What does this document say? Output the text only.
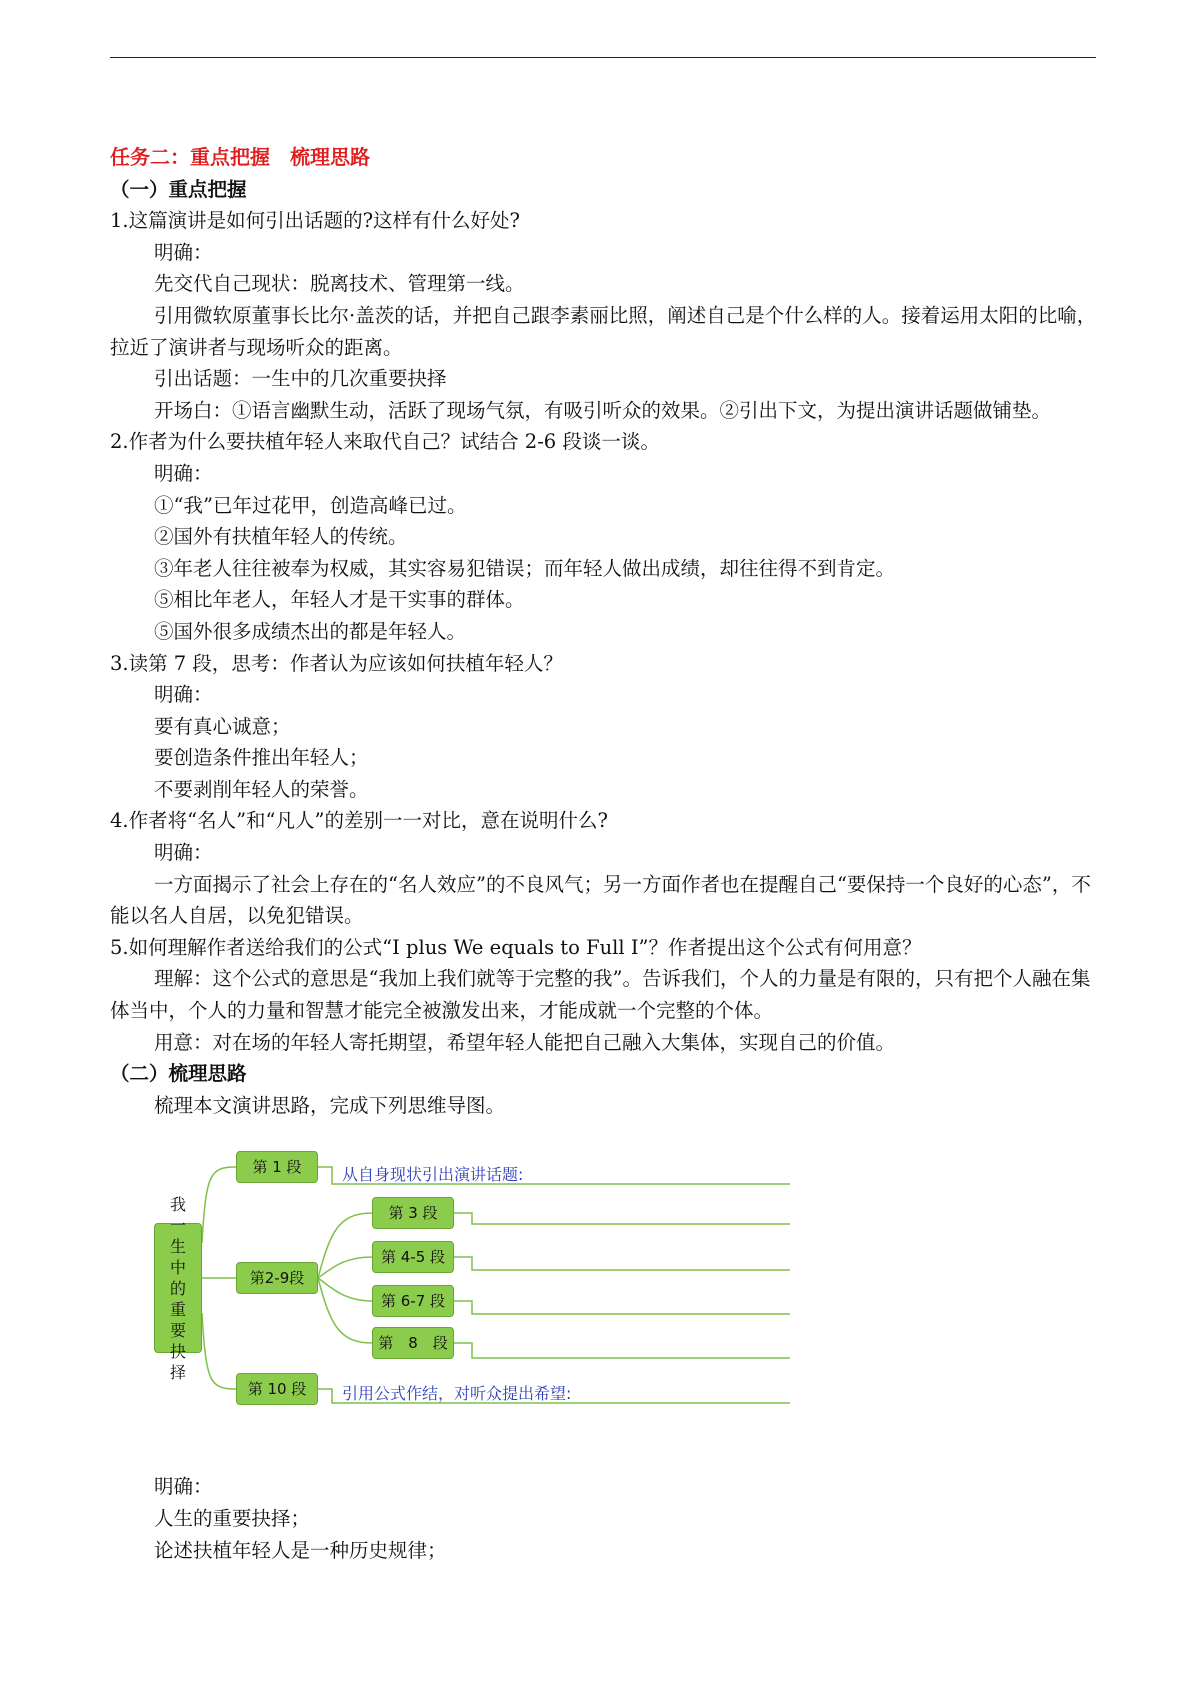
任务二：重点把握　梳理思路

（一）重点把握

1.这篇演讲是如何引出话题的?这样有什么好处?

明确：

先交代自己现状：脱离技术、管理第一线。

引用微软原董事长比尔·盖茨的话，并把自己跟李素丽比照，阐述自己是个什么样的人。接着运用太阳的比喻，拉近了演讲者与现场听众的距离。

引出话题：一生中的几次重要抉择

开场白：①语言幽默生动，活跃了现场气氛，有吸引听众的效果。②引出下文，为提出演讲话题做铺垫。

2.作者为什么要扶植年轻人来取代自己？试结合 2-6 段谈一谈。

明确：

①“我”已年过花甲，创造高峰已过。

②国外有扶植年轻人的传统。

③年老人往往被奉为权威，其实容易犯错误；而年轻人做出成绩，却往往得不到肯定。

⑤相比年老人，年轻人才是干实事的群体。

⑤国外很多成绩杰出的都是年轻人。

3.读第 7 段，思考：作者认为应该如何扶植年轻人？

明确：

要有真心诚意；

要创造条件推出年轻人；

不要剥削年轻人的荣誉。

4.作者将“名人”和“凡人”的差别一一对比，意在说明什么?

明确：

一方面揭示了社会上存在的“名人效应”的不良风气；另一方面作者也在提醒自己“要保持一个良好的心态”，不能以名人自居，以免犯错误。

5.如何理解作者送给我们的公式“I plus We equals to Full I”？作者提出这个公式有何用意？

理解：这个公式的意思是“我加上我们就等于完整的我”。告诉我们，个人的力量是有限的，只有把个人融在集体当中，个人的力量和智慧才能完全被激发出来，才能成就一个完整的个体。

用意：对在场的年轻人寄托期望，希望年轻人能把自己融入大集体，实现自己的价值。

（二）梳理思路

梳理本文演讲思路，完成下列思维导图。

我一
生中
的重
要抉
择
第 1 段
第2-9段
第 10 段
第 3 段
第 4-5 段
第 6-7 段
第　8　段
从自身现状引出演讲话题:
引用公式作结，对听众提出希望:

明确：

人生的重要抉择；

论述扶植年轻人是一种历史规律；
